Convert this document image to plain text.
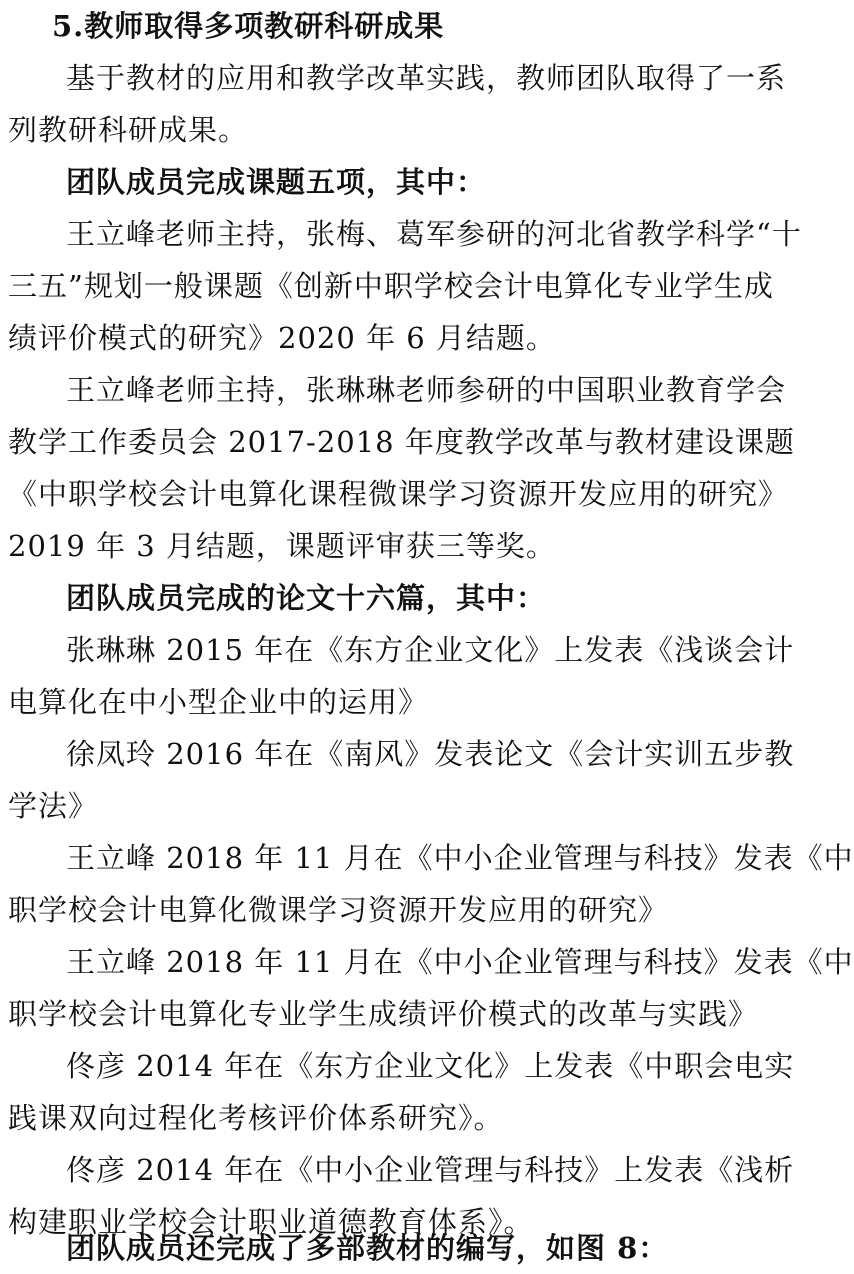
5.教师取得多项教研科研成果
基于教材的应用和教学改革实践，教师团队取得了一系
列教研科研成果。
团队成员完成课题五项，其中：
王立峰老师主持，张梅、葛军参研的河北省教学科学“十
三五”规划一般课题《创新中职学校会计电算化专业学生成
绩评价模式的研究》2020 年 6 月结题。
王立峰老师主持，张琳琳老师参研的中国职业教育学会
教学工作委员会 2017-2018 年度教学改革与教材建设课题
《中职学校会计电算化课程微课学习资源开发应用的研究》
2019 年 3 月结题，课题评审获三等奖。
团队成员完成的论文十六篇，其中：
张琳琳 2015 年在《东方企业文化》上发表《浅谈会计
电算化在中小型企业中的运用》
徐凤玲 2016 年在《南风》发表论文《会计实训五步教
学法》
王立峰 2018 年 11 月在《中小企业管理与科技》发表《中
职学校会计电算化微课学习资源开发应用的研究》
王立峰 2018 年 11 月在《中小企业管理与科技》发表《中
职学校会计电算化专业学生成绩评价模式的改革与实践》
佟彦 2014 年在《东方企业文化》上发表《中职会电实
践课双向过程化考核评价体系研究》。
佟彦 2014 年在《中小企业管理与科技》上发表《浅析
构建职业学校会计职业道德教育体系》。
团队成员还完成了多部教材的编写，如图 8：
